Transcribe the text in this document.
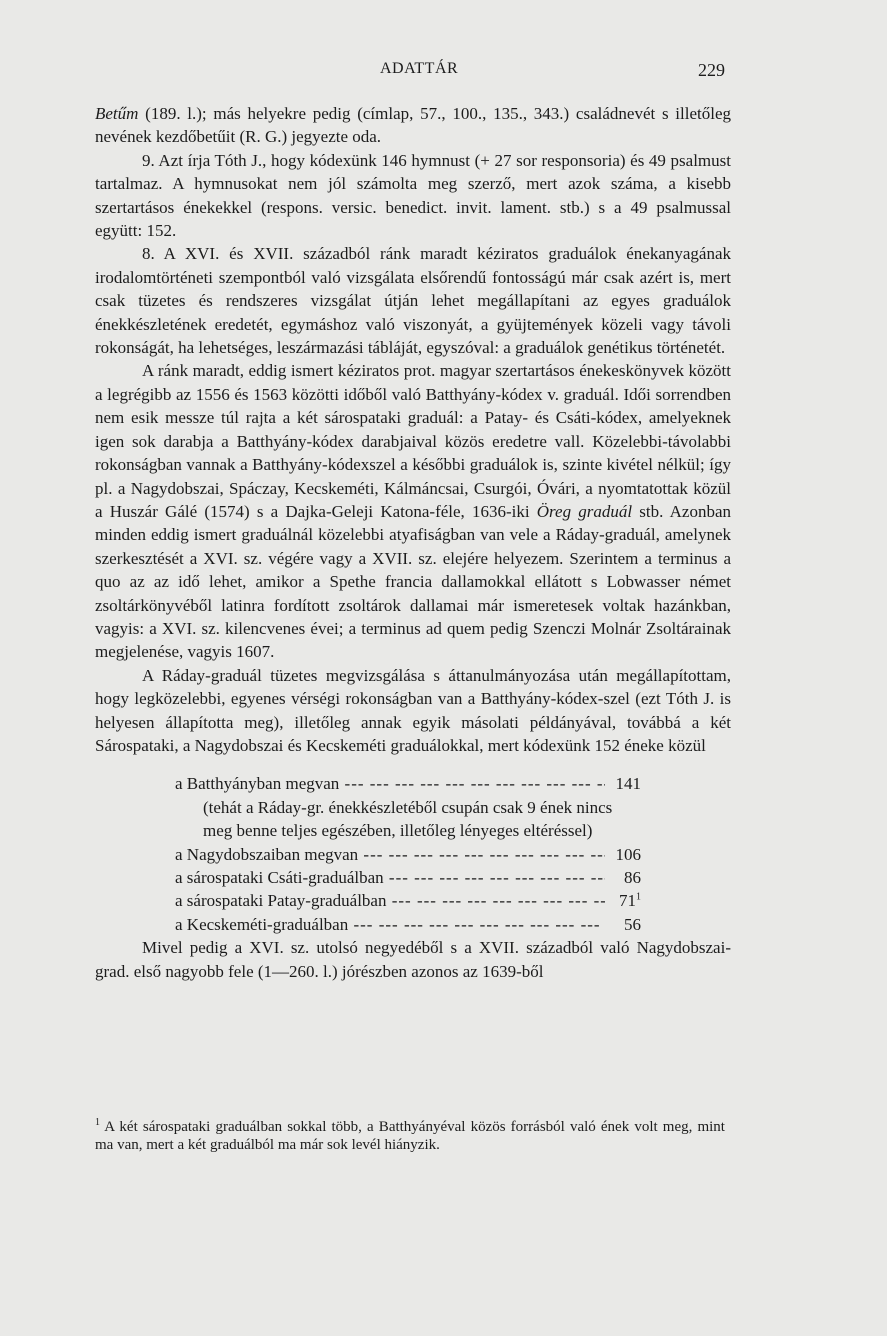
ADATTÁR	229

Betűm (189. l.); más helyekre pedig (címlap, 57., 100., 135., 343.) családnevét s illetőleg nevének kezdőbetűit (R. G.) jegyezte oda.

9. Azt írja Tóth J., hogy kódexünk 146 hymnust (+ 27 sor responsoria) és 49 psalmust tartalmaz. A hymnusokat nem jól számolta meg szerző, mert azok száma, a kisebb szertartásos énekekkel (respons. versic. benedict. invit. lament. stb.) s a 49 psalmussal együtt: 152.

8. A XVI. és XVII. századból ránk maradt kéziratos graduálok énekanyagának irodalomtörténeti szempontból való vizsgálata elsőrendű fontosságú már csak azért is, mert csak tüzetes és rendszeres vizsgálat útján lehet megállapítani az egyes graduálok énekkészletének eredetét, egymáshoz való viszonyát, a gyüjtemények közeli vagy távoli rokonságát, ha lehetséges, leszármazási tábláját, egyszóval: a graduálok genétikus történetét.

A ránk maradt, eddig ismert kéziratos prot. magyar szertartásos énekeskönyvek között a legrégibb az 1556 és 1563 közötti időből való Batthyány-kódex v. graduál. Idői sorrendben nem esik messze túl rajta a két sárospataki graduál: a Patay- és Csáti-kódex, amelyeknek igen sok darabja a Batthyány-kódex darabjaival közös eredetre vall. Közelebbi-távolabbi rokonságban vannak a Batthyány-kódexszel a későbbi graduálok is, szinte kivétel nélkül; így pl. a Nagydobszai, Spáczay, Kecskeméti, Kálmáncsai, Csurgói, Óvári, a nyomtatottak közül a Huszár Gálé (1574) s a Dajka-Geleji Katona-féle, 1636-iki Öreg graduál stb. Azonban minden eddig ismert graduálnál közelebbi atyafiságban van vele a Ráday-graduál, amelynek szerkesztését a XVI. sz. végére vagy a XVII. sz. elejére helyezem. Szerintem a terminus a quo az az idő lehet, amikor a Spethe francia dallamokkal ellátott s Lobwasser német zsoltárkönyvéből latinra fordított zsoltárok dallamai már ismeretesek voltak hazánkban, vagyis: a XVI. sz. kilencvenes évei; a terminus ad quem pedig Szenczi Molnár Zsoltárainak megjelenése, vagyis 1607.

A Ráday-graduál tüzetes megvizsgálása s áttanulmányozása után megállapítottam, hogy legközelebbi, egyenes vérségi rokonságban van a Batthyány-kódex-szel (ezt Tóth J. is helyesen állapította meg), illetőleg annak egyik másolati példányával, továbbá a két Sárospataki, a Nagydobszai és Kecskeméti graduálokkal, mert kódexünk 152 éneke közül

a Batthyányban megvan --- -	141
(tehát a Ráday-gr. énekkészletéből csupán csak 9 ének nincs meg benne teljes egészében, illetőleg lényeges eltéréssel)
a Nagydobszaiban megvan --- -	106
a sárospataki Csáti-graduálban --- -	86
a sárospataki Patay-graduálban --- -	$71^1$
a Kecskeméti-graduálban --- -	56

Mivel pedig a XVI. sz. utolsó negyedéből s a XVII. századból való Nagydobszai-grad. első nagyobb fele (1—260. l.) jórészben azonos az 1639-ből

$^1$ A két sárospataki graduálban sokkal több, a Batthyányéval közös forrásból való ének volt meg, mint ma van, mert a két graduálból ma már sok levél hiányzik.
